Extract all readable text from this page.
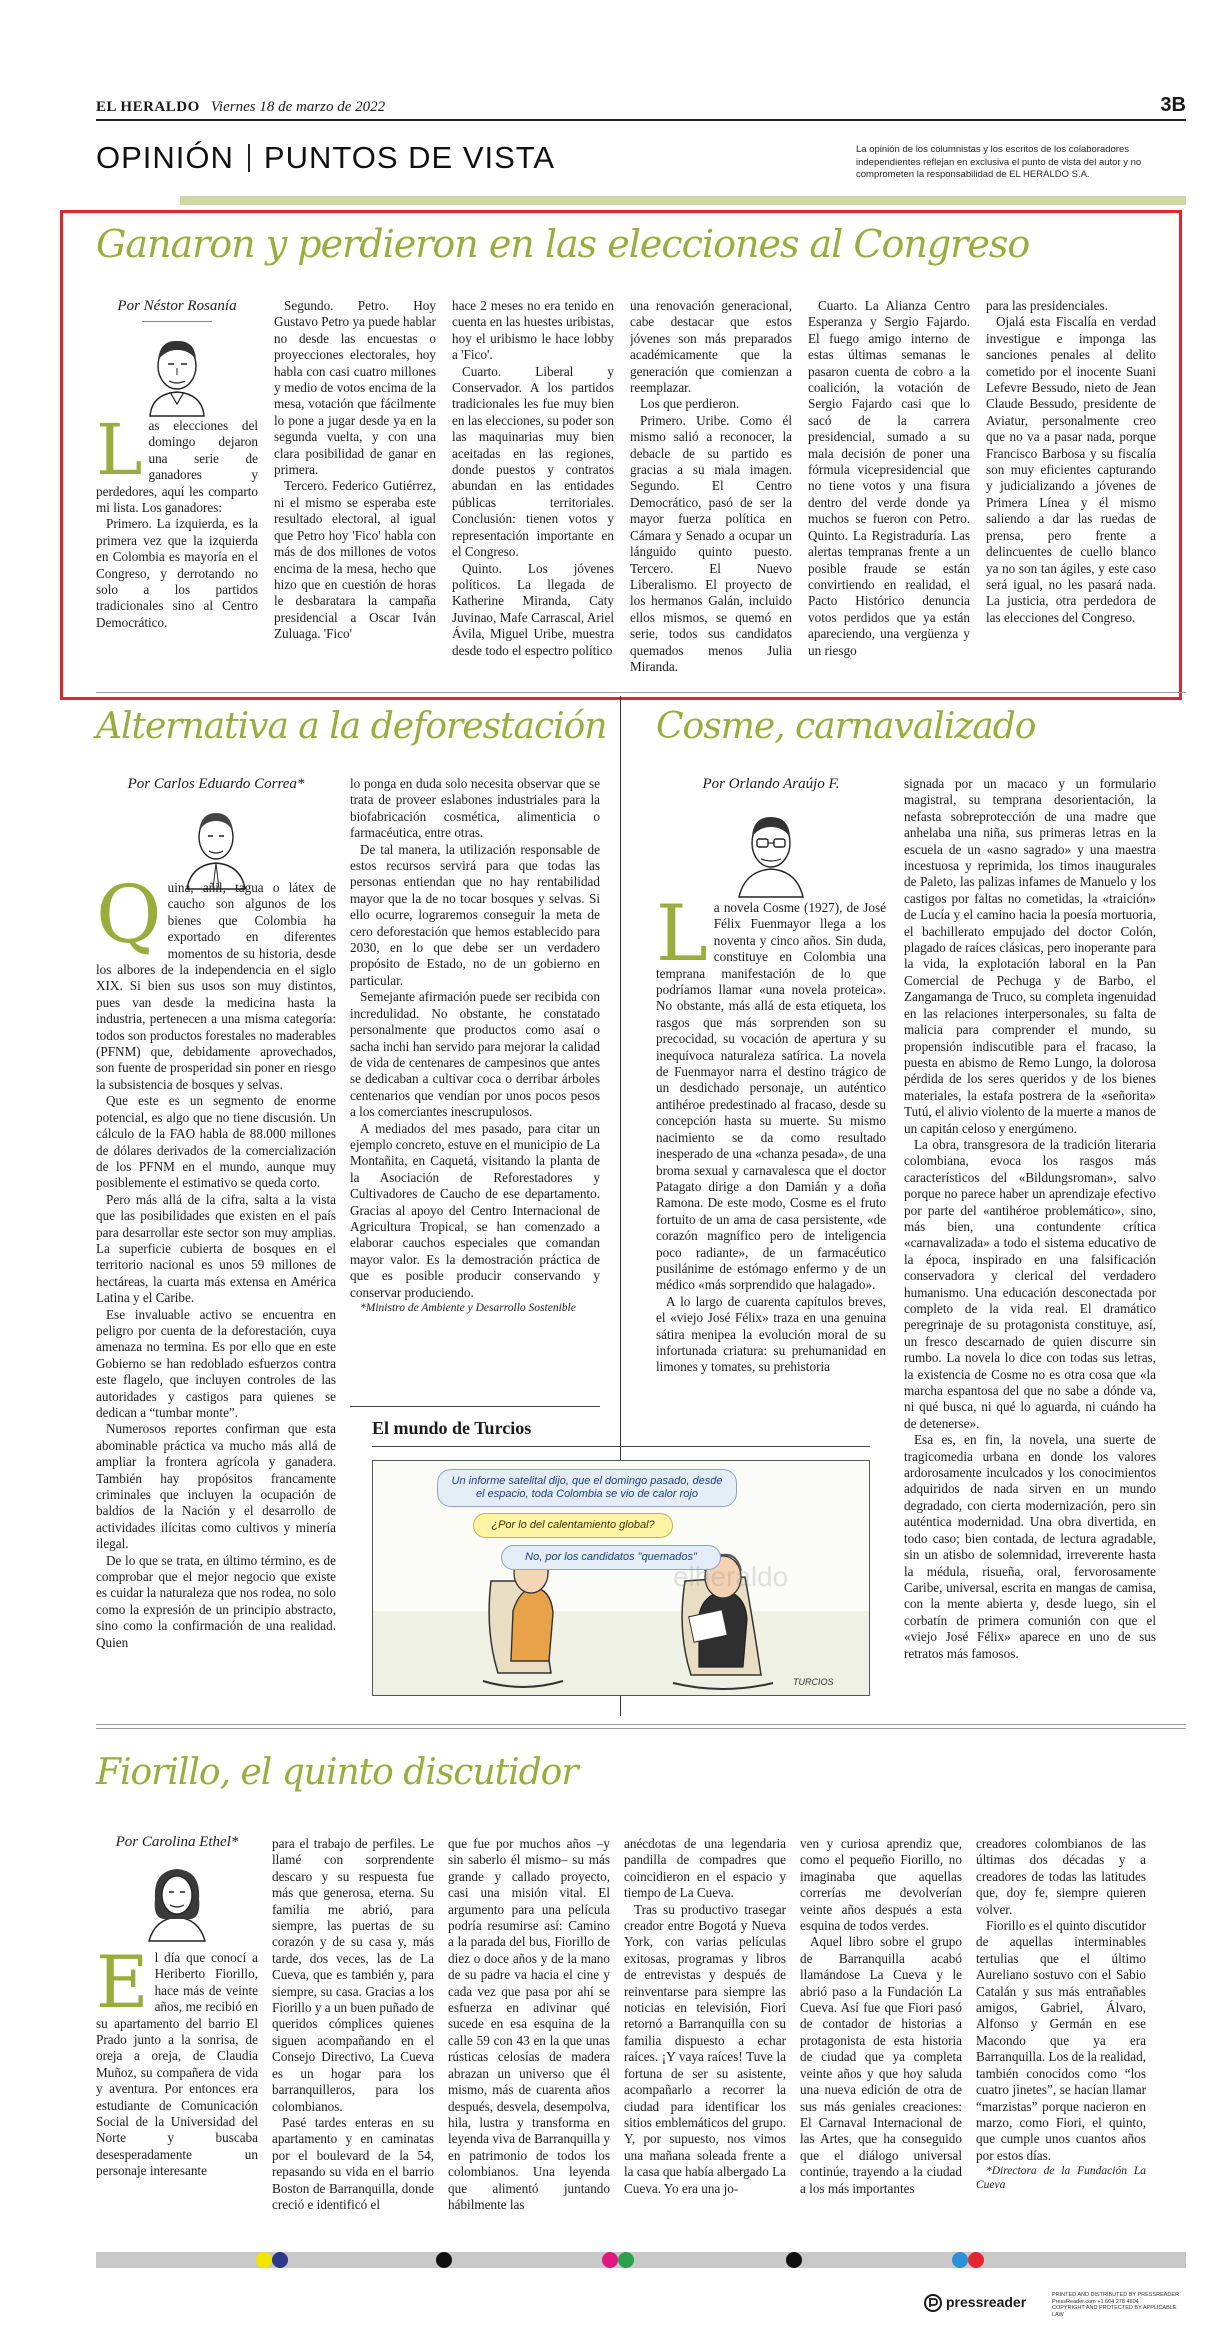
EL HERALDO Viernes 18 de marzo de 2022	3B
OPINIÓN PUNTOS DE VISTA	La opinión de los columnistas y los escritos de los colaboradores independientes reflejan en exclusiva el punto de vista del autor y no comprometen la responsabilidad de EL HERALDO S.A.
Ganaron y perdieron en las elecciones al Congreso
Por Néstor Rosanía
L as elecciones del domingo dejaron una serie de ganadores y perdedores, aquí les comparto mi lista. Los ganadores:

Primero. La izquierda, es la primera vez que la izquierda en Colombia es mayoría en el Congreso, y derrotando no solo a los partidos tradicionales sino al Centro Democrático.

Segundo. Petro. Hoy Gustavo Petro ya puede hablar no desde las encuestas o proyecciones electorales, hoy habla con casi cuatro millones y medio de votos encima de la mesa, votación que fácilmente lo pone a jugar desde ya en la segunda vuelta, y con una clara posibilidad de ganar en primera.

Tercero. Federico Gutiérrez, ni el mismo se esperaba este resultado electoral, al igual que Petro hoy 'Fico' habla con más de dos millones de votos encima de la mesa, hecho que hizo que en cuestión de horas le desbaratara la campaña presidencial a Oscar Iván Zuluaga. 'Fico'

hace 2 meses no era tenido en cuenta en las huestes uribistas, hoy el uribismo le hace lobby a 'Fico'.

Cuarto. Liberal y Conservador. A los partidos tradicionales les fue muy bien en las elecciones, su poder son las maquinarias muy bien aceitadas en las regiones, donde puestos y contratos abundan en las entidades públicas territoriales. Conclusión: tienen votos y representación importante en el Congreso.

Quinto. Los jóvenes políticos. La llegada de Katherine Miranda, Caty Juvinao, Mafe Carrascal, Ariel Ávila, Miguel Uribe, muestra desde todo el espectro político

una renovación generacional, cabe destacar que estos jóvenes son más preparados académicamente que la generación que comienzan a reemplazar.

Los que perdieron.

Primero. Uribe. Como él mismo salió a reconocer, la debacle de su partido es gracias a su mala imagen. Segundo. El Centro Democrático, pasó de ser la mayor fuerza política en Cámara y Senado a ocupar un lánguido quinto puesto. Tercero. El Nuevo Liberalismo. El proyecto de los hermanos Galán, incluido ellos mismos, se quemó en serie, todos sus candidatos quemados menos Julia Miranda.

Cuarto. La Alianza Centro Esperanza y Sergio Fajardo. El fuego amigo interno de estas últimas semanas le pasaron cuenta de cobro a la coalición, la votación de Sergio Fajardo casi que lo sacó de la carrera presidencial, sumado a su mala decisión de poner una fórmula vicepresidencial que no tiene votos y una fisura dentro del verde donde ya muchos se fueron con Petro. Quinto. La Registraduría. Las alertas tempranas frente a un posible fraude se están convirtiendo en realidad, el Pacto Histórico denuncia votos perdidos que ya están apareciendo, una vergüenza y un riesgo

para las presidenciales.

Ojalá esta Fiscalía en verdad investigue e imponga las sanciones penales al delito cometido por el inocente Suani Lefevre Bessudo, nieto de Jean Claude Bessudo, presidente de Aviatur, personalmente creo que no va a pasar nada, porque Francisco Barbosa y su fiscalía son muy eficientes capturando y judicializando a jóvenes de Primera Línea y él mismo saliendo a dar las ruedas de prensa, pero frente a delincuentes de cuello blanco ya no son tan ágiles, y este caso será igual, no les pasará nada. La justicia, otra perdedora de las elecciones del Congreso.

Alternativa a la deforestación
Por Carlos Eduardo Correa*
Q uina, añil, tagua o látex de caucho son algunos de los bienes que Colombia ha exportado en diferentes momentos de su historia, desde los albores de la independencia en el siglo XIX. Si bien sus usos son muy distintos, pues van desde la medicina hasta la industria, pertenecen a una misma categoría: todos son productos forestales no maderables (PFNM) que, debidamente aprovechados, son fuente de prosperidad sin poner en riesgo la subsistencia de bosques y selvas.

Que este es un segmento de enorme potencial, es algo que no tiene discusión. Un cálculo de la FAO habla de 88.000 millones de dólares derivados de la comercialización de los PFNM en el mundo, aunque muy posiblemente el estimativo se queda corto.

Pero más allá de la cifra, salta a la vista que las posibilidades que existen en el país para desarrollar este sector son muy amplias. La superficie cubierta de bosques en el territorio nacional es unos 59 millones de hectáreas, la cuarta más extensa en América Latina y el Caribe.

Ese invaluable activo se encuentra en peligro por cuenta de la deforestación, cuya amenaza no termina. Es por ello que en este Gobierno se han redoblado esfuerzos contra este flagelo, que incluyen controles de las autoridades y castigos para quienes se dedican a “tumbar monte”.

Numerosos reportes confirman que esta abominable práctica va mucho más allá de ampliar la frontera agrícola y ganadera. También hay propósitos francamente criminales que incluyen la ocupación de baldíos de la Nación y el desarrollo de actividades ilícitas como cultivos y minería ilegal.

De lo que se trata, en último término, es de comprobar que el mejor negocio que existe es cuidar la naturaleza que nos rodea, no solo como la expresión de un principio abstracto, sino como la confirmación de una realidad. Quien

lo ponga en duda solo necesita observar que se trata de proveer eslabones industriales para la biofabricación cosmética, alimenticia o farmacéutica, entre otras.

De tal manera, la utilización responsable de estos recursos servirá para que todas las personas entiendan que no hay rentabilidad mayor que la de no tocar bosques y selvas. Si ello ocurre, lograremos conseguir la meta de cero deforestación que hemos establecido para 2030, en lo que debe ser un verdadero propósito de Estado, no de un gobierno en particular.

Semejante afirmación puede ser recibida con incredulidad. No obstante, he constatado personalmente que productos como asaí o sacha inchi han servido para mejorar la calidad de vida de centenares de campesinos que antes se dedicaban a cultivar coca o derribar árboles centenarios que vendían por unos pocos pesos a los comerciantes inescrupulosos.

A mediados del mes pasado, para citar un ejemplo concreto, estuve en el municipio de La Montañita, en Caquetá, visitando la planta de la Asociación de Reforestadores y Cultivadores de Caucho de ese departamento. Gracias al apoyo del Centro Internacional de Agricultura Tropical, se han comenzado a elaborar cauchos especiales que comandan mayor valor. Es la demostración práctica de que es posible producir conservando y conservar produciendo.

*Ministro de Ambiente y Desarrollo Sostenible

El mundo de Turcios
Un informe satelital dijo, que el domingo pasado, desde el espacio, toda Colombia se vio de calor rojo
¿Por lo del calentamiento global?
No, por los candidatos "quemados"
TURCIOS
elheraldo
Cosme, carnavalizado
Por Orlando Araújo F.
L a novela Cosme (1927), de José Félix Fuenmayor llega a los noventa y cinco años. Sin duda, constituye en Colombia una temprana manifestación de lo que podríamos llamar «una novela proteica». No obstante, más allá de esta etiqueta, los rasgos que más sorprenden son su precocidad, su vocación de apertura y su inequívoca naturaleza satírica. La novela de Fuenmayor narra el destino trágico de un desdichado personaje, un auténtico antihéroe predestinado al fracaso, desde su concepción hasta su muerte. Su mismo nacimiento se da como resultado inesperado de una «chanza pesada», de una broma sexual y carnavalesca que el doctor Patagato dirige a don Damián y a doña Ramona. De este modo, Cosme es el fruto fortuito de un ama de casa persistente, «de corazón magnífico pero de inteligencia poco radiante», de un farmacéutico pusilánime de estómago enfermo y de un médico «más sorprendido que halagado».

A lo largo de cuarenta capítulos breves, el «viejo José Félix» traza en una genuina sátira menipea la evolución moral de su infortunada criatura: su prehumanidad en limones y tomates, su prehistoria

signada por un macaco y un formulario magistral, su temprana desorientación, la nefasta sobreprotección de una madre que anhelaba una niña, sus primeras letras en la escuela de un «asno sagrado» y una maestra incestuosa y reprimida, los timos inaugurales de Paleto, las palizas infames de Manuelo y los castigos por faltas no cometidas, la «traición» de Lucía y el camino hacia la poesía mortuoria, el bachillerato empujado del doctor Colón, plagado de raíces clásicas, pero inoperante para la vida, la explotación laboral en la Pan Comercial de Pechuga y de Barbo, el Zangamanga de Truco, su completa ingenuidad en las relaciones interpersonales, su falta de malicia para comprender el mundo, su propensión indiscutible para el fracaso, la puesta en abismo de Remo Lungo, la dolorosa pérdida de los seres queridos y de los bienes materiales, la estafa postrera de la «señorita» Tutú, el alivio violento de la muerte a manos de un capitán celoso y energúmeno.

La obra, transgresora de la tradición literaria colombiana, evoca los rasgos más característicos del «Bildungsroman», salvo porque no parece haber un aprendizaje efectivo por parte del «antihéroe problemático», sino, más bien, una contundente crítica «carnavalizada» a todo el sistema educativo de la época, inspirado en una falsificación conservadora y clerical del verdadero humanismo. Una educación desconectada por completo de la vida real. El dramático peregrinaje de su protagonista constituye, así, un fresco descarnado de quien discurre sin rumbo. La novela lo dice con todas sus letras, la existencia de Cosme no es otra cosa que «la marcha espantosa del que no sabe a dónde va, ni qué busca, ni qué lo aguarda, ni cuándo ha de detenerse».

Esa es, en fin, la novela, una suerte de tragicomedia urbana en donde los valores ardorosamente inculcados y los conocimientos adquiridos de nada sirven en un mundo degradado, con cierta modernización, pero sin auténtica modernidad. Una obra divertida, en todo caso; bien contada, de lectura agradable, sin un atisbo de solemnidad, irreverente hasta la médula, risueña, oral, fervorosamente Caribe, universal, escrita en mangas de camisa, con la mente abierta y, desde luego, sin el corbatín de primera comunión con que el «viejo José Félix» aparece en uno de sus retratos más famosos.

Fiorillo, el quinto discutidor
Por Carolina Ethel*
E l día que conocí a Heriberto Fiorillo, hace más de veinte años, me recibió en su apartamento del barrio El Prado junto a la sonrisa, de oreja a oreja, de Claudia Muñoz, su compañera de vida y aventura. Por entonces era estudiante de Comunicación Social de la Universidad del Norte y buscaba desesperadamente un personaje interesante

para el trabajo de perfiles. Le llamé con sorprendente descaro y su respuesta fue más que generosa, eterna. Su familia me abrió, para siempre, las puertas de su corazón y de su casa y, más tarde, dos veces, las de La Cueva, que es también y, para siempre, su casa. Gracias a los Fiorillo y a un buen puñado de queridos cómplices quienes siguen acompañando en el Consejo Directivo, La Cueva es un hogar para los barranquilleros, para los colombianos.

Pasé tardes enteras en su apartamento y en caminatas por el boulevard de la 54, repasando su vida en el barrio Boston de Barranquilla, donde creció e identificó el

que fue por muchos años –y sin saberlo él mismo– su más grande y callado proyecto, casi una misión vital. El argumento para una película podría resumirse así: Camino a la parada del bus, Fiorillo de diez o doce años y de la mano de su padre va hacia el cine y cada vez que pasa por ahí se esfuerza en adivinar qué sucede en esa esquina de la calle 59 con 43 en la que unas rústicas celosías de madera abrazan un universo que él mismo, más de cuarenta años después, desvela, desempolva, hila, lustra y transforma en leyenda viva de Barranquilla y en patrimonio de todos los colombianos. Una leyenda que alimentó juntando hábilmente las

anécdotas de una legendaria pandilla de compadres que coincidieron en el espacio y tiempo de La Cueva.

Tras su productivo trasegar creador entre Bogotá y Nueva York, con varias películas exitosas, programas y libros de entrevistas y después de reinventarse para siempre las noticias en televisión, Fiori retornó a Barranquilla con su familia dispuesto a echar raíces. ¡Y vaya raíces! Tuve la fortuna de ser su asistente, acompañarlo a recorrer la ciudad para identificar los sitios emblemáticos del grupo. Y, por supuesto, nos vimos una mañana soleada frente a la casa que había albergado La Cueva. Yo era una jo-

ven y curiosa aprendiz que, como el pequeño Fiorillo, no imaginaba que aquellas correrías me devolverían veinte años después a esta esquina de todos verdes.

Aquel libro sobre el grupo de Barranquilla acabó llamándose La Cueva y le abrió paso a la Fundación La Cueva. Así fue que Fiori pasó de contador de historias a protagonista de esta historia de ciudad que ya completa veinte años y que hoy saluda una nueva edición de otra de sus más geniales creaciones: El Carnaval Internacional de las Artes, que ha conseguido que el diálogo universal continúe, trayendo a la ciudad a los más importantes

creadores colombianos de las últimas dos décadas y a creadores de todas las latitudes que, doy fe, siempre quieren volver.

Fiorillo es el quinto discutidor de aquellas interminables tertulias que el último Aureliano sostuvo con el Sabio Catalán y sus más entrañables amigos, Gabriel, Álvaro, Alfonso y Germán en ese Macondo que ya era Barranquilla. Los de la realidad, también conocidos como “los cuatro jinetes”, se hacían llamar “marzistas” porque nacieron en marzo, como Fiori, el quinto, que cumple unos cuantos años por estos días.

*Directora de la Fundación La Cueva

pressreader	PRINTED AND DISTRIBUTED BY PRESSREADER
PressReader.com +1 604 278 4604
COPYRIGHT AND PROTECTED BY APPLICABLE LAW
